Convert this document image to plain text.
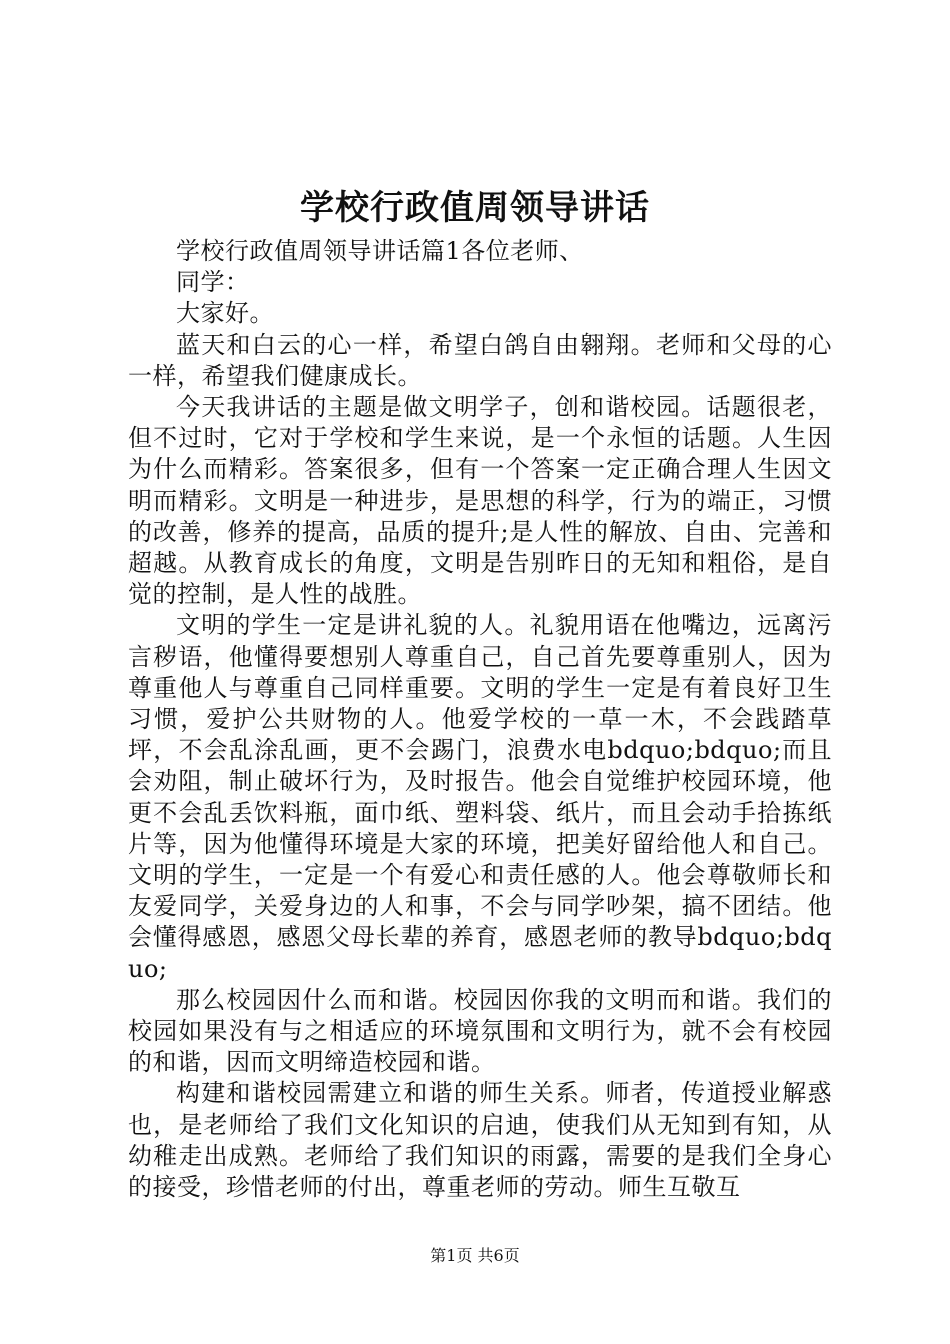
学校行政值周领导讲话

学校行政值周领导讲话篇1各位老师、

同学：

大家好。

蓝天和白云的心一样，希望白鸽自由翱翔。老师和父母的心一样，希望我们健康成长。

今天我讲话的主题是做文明学子，创和谐校园。话题很老，但不过时，它对于学校和学生来说，是一个永恒的话题。人生因为什么而精彩。答案很多，但有一个答案一定正确合理人生因文明而精彩。文明是一种进步，是思想的科学，行为的端正，习惯的改善，修养的提高，品质的提升;是人性的解放、自由、完善和超越。从教育成长的角度，文明是告别昨日的无知和粗俗，是自觉的控制，是人性的战胜。

文明的学生一定是讲礼貌的人。礼貌用语在他嘴边，远离污言秽语，他懂得要想别人尊重自己，自己首先要尊重别人，因为尊重他人与尊重自己同样重要。文明的学生一定是有着良好卫生习惯，爱护公共财物的人。他爱学校的一草一木，不会践踏草坪，不会乱涂乱画，更不会踢门，浪费水电bdquo;bdquo;而且会劝阻，制止破坏行为，及时报告。他会自觉维护校园环境，他更不会乱丢饮料瓶，面巾纸、塑料袋、纸片，而且会动手拾拣纸片等，因为他懂得环境是大家的环境，把美好留给他人和自己。文明的学生，一定是一个有爱心和责任感的人。他会尊敬师长和友爱同学，关爱身边的人和事，不会与同学吵架，搞不团结。他会懂得感恩，感恩父母长辈的养育，感恩老师的教导bdquo;bdquo;

那么校园因什么而和谐。校园因你我的文明而和谐。我们的校园如果没有与之相适应的环境氛围和文明行为，就不会有校园的和谐，因而文明缔造校园和谐。

构建和谐校园需建立和谐的师生关系。师者，传道授业解惑也，是老师给了我们文化知识的启迪，使我们从无知到有知，从幼稚走出成熟。老师给了我们知识的雨露，需要的是我们全身心的接受，珍惜老师的付出，尊重老师的劳动。师生互敬互

第1页 共6页
